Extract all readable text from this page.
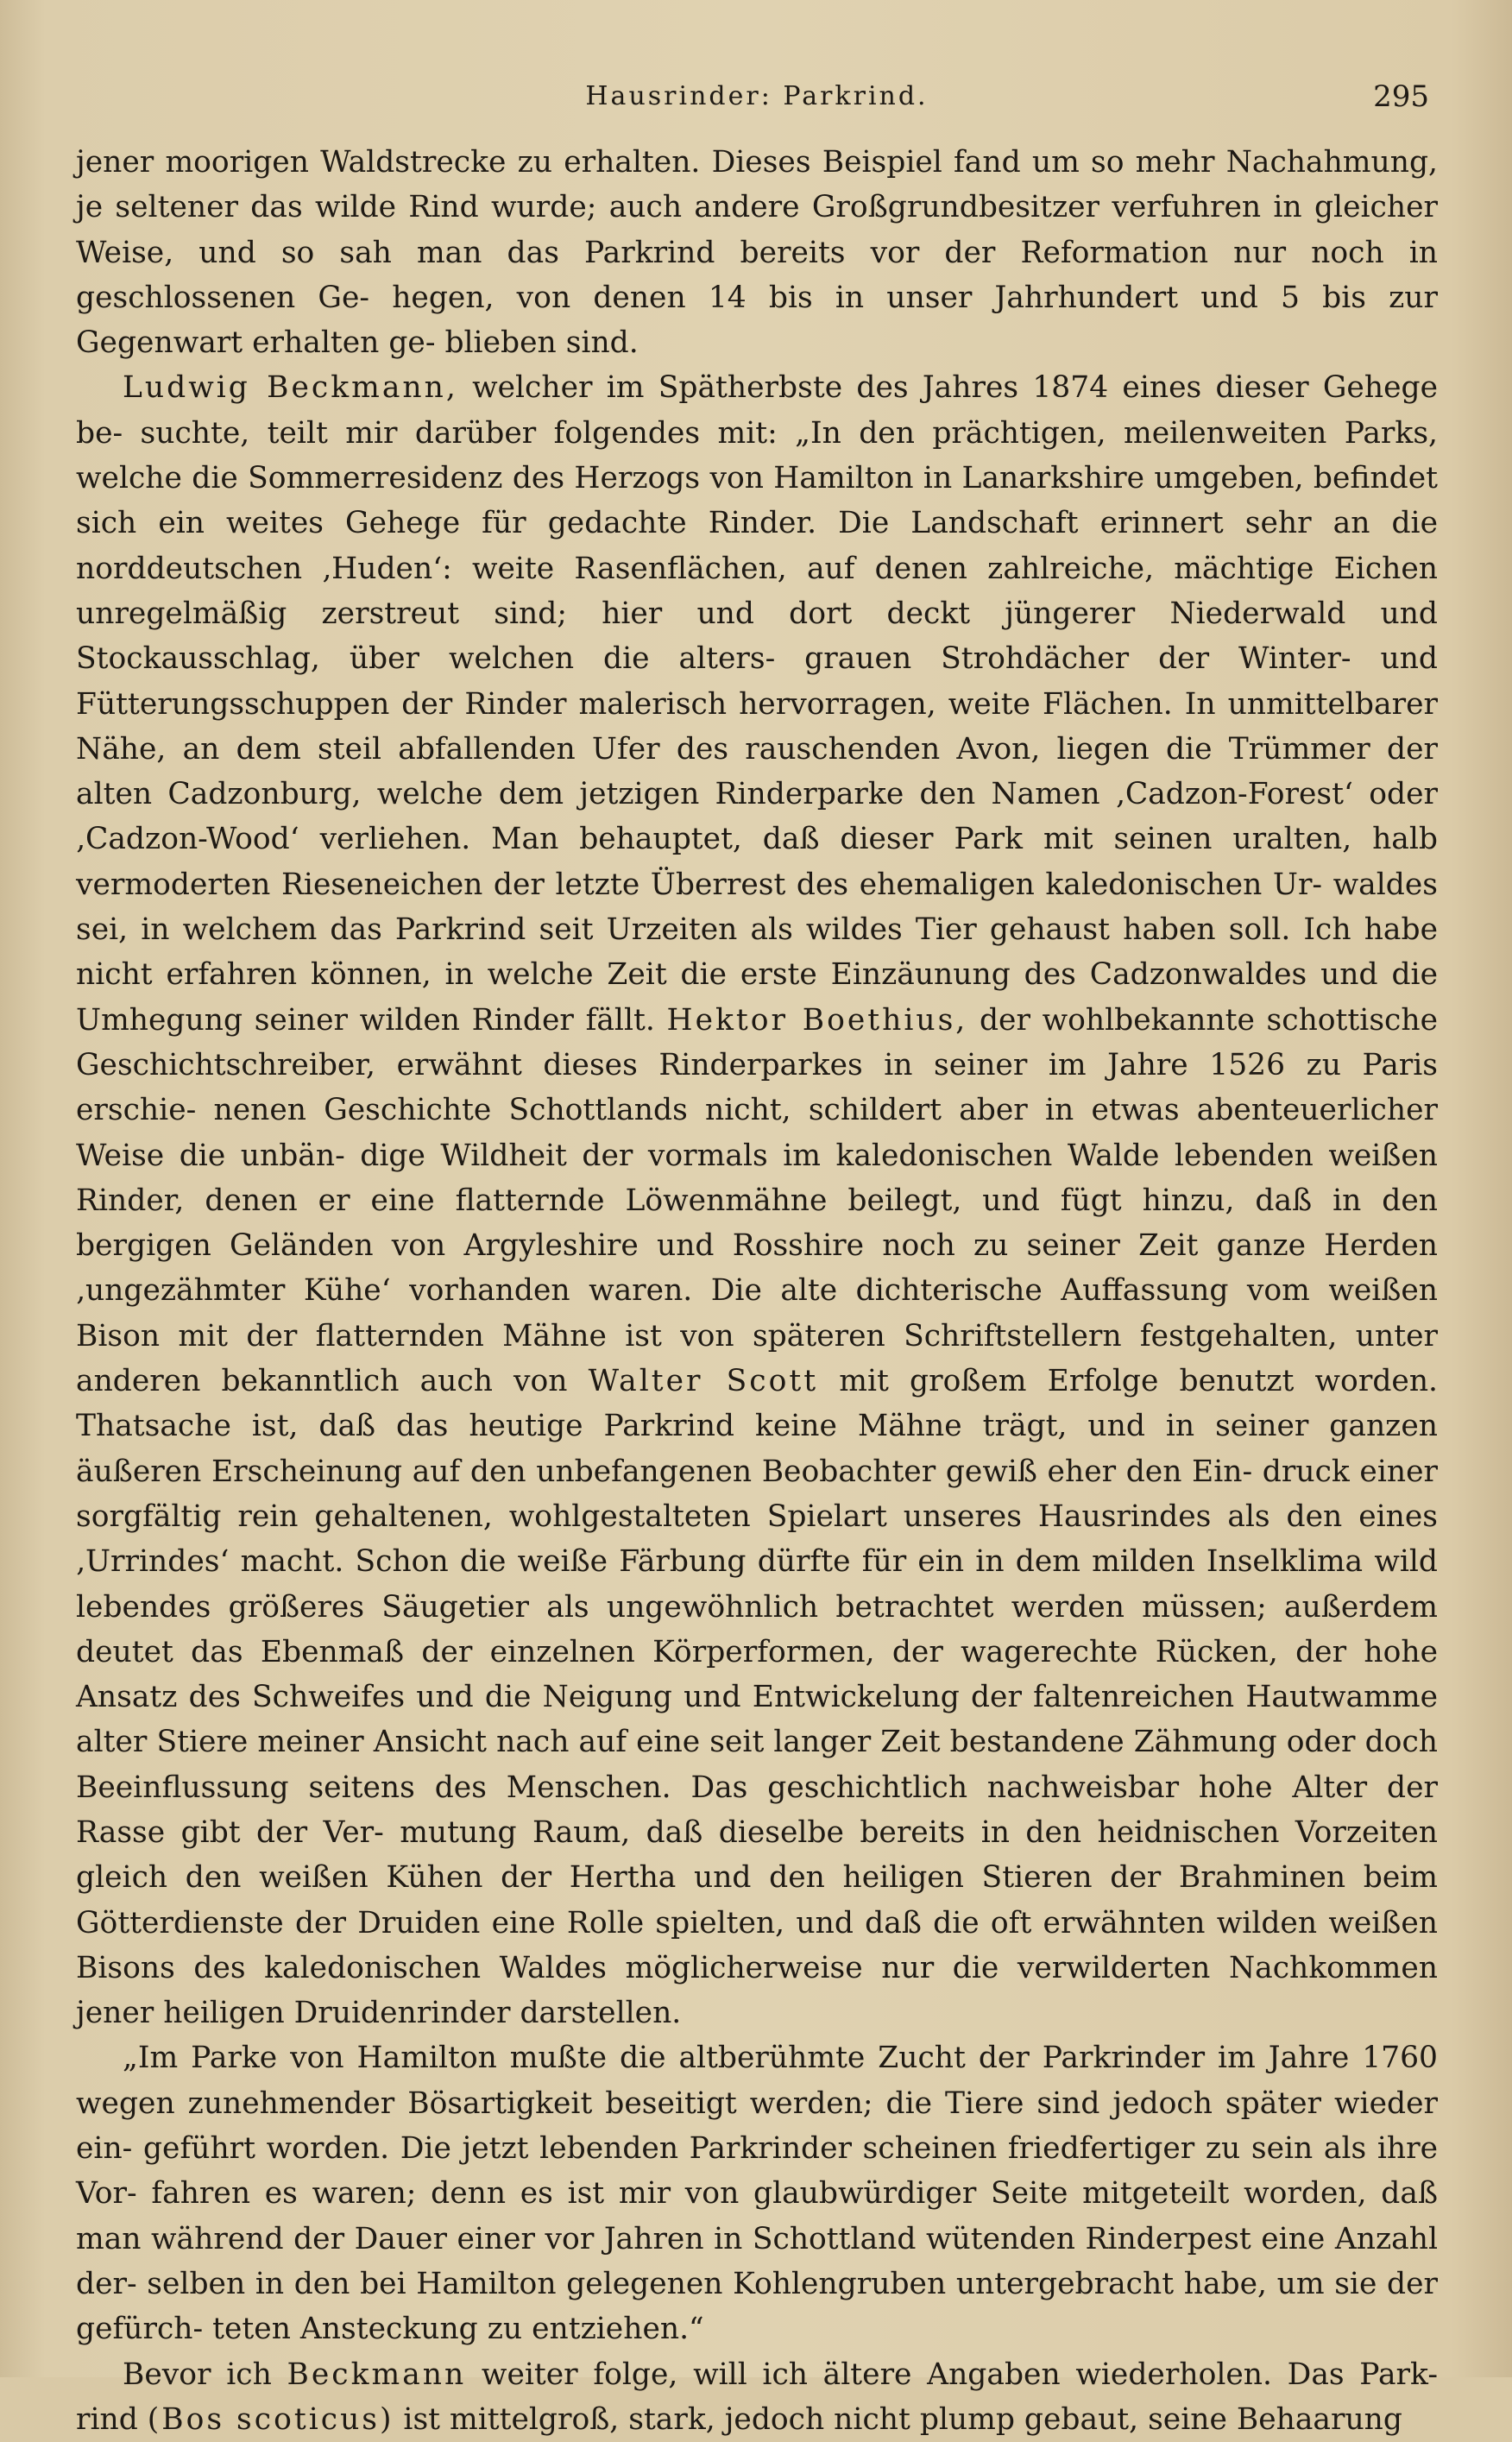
Hausrinder: Parkrind.	295

jener moorigen Waldstrecke zu erhalten. Dieses Beispiel fand um so mehr Nachahmung, je seltener das wilde Rind wurde; auch andere Großgrundbesitzer verfuhren in gleicher Weise, und so sah man das Parkrind bereits vor der Reformation nur noch in geschlossenen Ge- hegen, von denen 14 bis in unser Jahrhundert und 5 bis zur Gegenwart erhalten ge- blieben sind.

Ludwig Beckmann, welcher im Spätherbste des Jahres 1874 eines dieser Gehege be- suchte, teilt mir darüber folgendes mit: „In den prächtigen, meilenweiten Parks, welche die Sommerresidenz des Herzogs von Hamilton in Lanarkshire umgeben, befindet sich ein weites Gehege für gedachte Rinder. Die Landschaft erinnert sehr an die norddeutschen ‚Huden‘: weite Rasenflächen, auf denen zahlreiche, mächtige Eichen unregelmäßig zerstreut sind; hier und dort deckt jüngerer Niederwald und Stockausschlag, über welchen die alters- grauen Strohdächer der Winter- und Fütterungsschuppen der Rinder malerisch hervorragen, weite Flächen. In unmittelbarer Nähe, an dem steil abfallenden Ufer des rauschenden Avon, liegen die Trümmer der alten Cadzonburg, welche dem jetzigen Rinderparke den Namen ‚Cadzon-Forest‘ oder ‚Cadzon-Wood‘ verliehen. Man behauptet, daß dieser Park mit seinen uralten, halb vermoderten Rieseneichen der letzte Überrest des ehemaligen kaledonischen Ur- waldes sei, in welchem das Parkrind seit Urzeiten als wildes Tier gehaust haben soll. Ich habe nicht erfahren können, in welche Zeit die erste Einzäunung des Cadzonwaldes und die Umhegung seiner wilden Rinder fällt. Hektor Boethius, der wohlbekannte schottische Geschichtschreiber, erwähnt dieses Rinderparkes in seiner im Jahre 1526 zu Paris erschie- nenen Geschichte Schottlands nicht, schildert aber in etwas abenteuerlicher Weise die unbän- dige Wildheit der vormals im kaledonischen Walde lebenden weißen Rinder, denen er eine flatternde Löwenmähne beilegt, und fügt hinzu, daß in den bergigen Geländen von Argyleshire und Rosshire noch zu seiner Zeit ganze Herden ‚ungezähmter Kühe‘ vorhanden waren. Die alte dichterische Auffassung vom weißen Bison mit der flatternden Mähne ist von späteren Schriftstellern festgehalten, unter anderen bekanntlich auch von Walter Scott mit großem Erfolge benutzt worden. Thatsache ist, daß das heutige Parkrind keine Mähne trägt, und in seiner ganzen äußeren Erscheinung auf den unbefangenen Beobachter gewiß eher den Ein- druck einer sorgfältig rein gehaltenen, wohlgestalteten Spielart unseres Hausrindes als den eines ‚Urrindes‘ macht. Schon die weiße Färbung dürfte für ein in dem milden Inselklima wild lebendes größeres Säugetier als ungewöhnlich betrachtet werden müssen; außerdem deutet das Ebenmaß der einzelnen Körperformen, der wagerechte Rücken, der hohe Ansatz des Schweifes und die Neigung und Entwickelung der faltenreichen Hautwamme alter Stiere meiner Ansicht nach auf eine seit langer Zeit bestandene Zähmung oder doch Beeinflussung seitens des Menschen. Das geschichtlich nachweisbar hohe Alter der Rasse gibt der Ver- mutung Raum, daß dieselbe bereits in den heidnischen Vorzeiten gleich den weißen Kühen der Hertha und den heiligen Stieren der Brahminen beim Götterdienste der Druiden eine Rolle spielten, und daß die oft erwähnten wilden weißen Bisons des kaledonischen Waldes möglicherweise nur die verwilderten Nachkommen jener heiligen Druidenrinder darstellen.

„Im Parke von Hamilton mußte die altberühmte Zucht der Parkrinder im Jahre 1760 wegen zunehmender Bösartigkeit beseitigt werden; die Tiere sind jedoch später wieder ein- geführt worden. Die jetzt lebenden Parkrinder scheinen friedfertiger zu sein als ihre Vor- fahren es waren; denn es ist mir von glaubwürdiger Seite mitgeteilt worden, daß man während der Dauer einer vor Jahren in Schottland wütenden Rinderpest eine Anzahl der- selben in den bei Hamilton gelegenen Kohlengruben untergebracht habe, um sie der gefürch- teten Ansteckung zu entziehen.“

Bevor ich Beckmann weiter folge, will ich ältere Angaben wiederholen. Das Park- rind (Bos scoticus) ist mittelgroß, stark, jedoch nicht plump gebaut, seine Behaarung
